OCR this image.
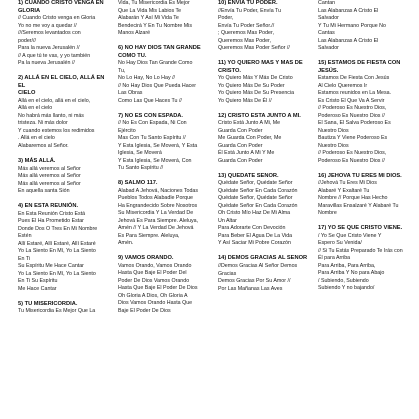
1) CUANDO CRISTO VENGA EN
GLORIA
// Cuando Cristo venga en Gloria
Yo no me voy a quedar //
///Seremos levantados con
poder///
Para la nueva Jerusalén //
// A que tú te vas, y yo también
Pa la nueva Jerusalén //
2) ALLÁ EN EL CIELO, ALLÁ EN EL
CIELO
Allá en el cielo, allá en el cielo,
Allá en el cielo
No habrá más llanto, ni más
tristeza. Ni más dolor
Y cuando estemos los redimidos
. Allá en el cielo
Alabaremos al Señor.
3) MÁS ALLÁ.
Más allá veremos al Señor
Más allá veremos al Señor
Más allá veremos al Señor
En aquella santa Sión
4) EN ESTA REUNIÓN.
En Esta Reunión Cristo Está
Pues El Ha Prometido Estar
Donde Dos O Tres En Mi Nombre
Estén
Allí Estaré, Allí Estaré, Allí Estaré
Yo La Siento En Mí, Yo La Siento
En Ti
Su Espíritu Me Hace Cantar
Yo La Siento En Mí, Yo La Siento
En Ti Su Espíritu
Me Hace Cantar
5) TU MISERICORDIA.
Tu Misericordia Es Mejor Que La
Vida, Tu Misericordia Es Mejor
Que La Vida Mis Labios Te
Alabarán Y Así Mi Vida Te
Bendecirá Y En Tu Nombre Mis
Manos Alzaré
6) NO HAY DIOS TAN GRANDE
COMO TU.
No Hay Dios Tan Grande Como
Tu,
No Lo Hay, No Lo Hay //
// No Hay Dios Que Pueda Hacer
Las Obras
Como Las Que Haces Tu //
7) NO ES CON ESPADA.
// No Es Con Espada, Ni Con
Ejército
Mas Con Tu Santo Espíritu //
Y Esta Iglesia, Se Moverá, Y Esta
Iglesia, Se Moverá
Y Esta Iglesia, Se Moverá, Con
Tu Santo Espíritu //
8) SALMO 117.
Alabad A Jehová, Naciones Todas
Pueblos Todos Alabadle Porque
Ha Engrandecido Sobre Nosotros
Su Misericordia Y La Verdad De
Jehová Es Para Siempre. Aleluya,
Amén // Y La Verdad De Jehová
Es Para Siempre. Aleluya,
Amén.
9) VAMOS ORANDO.
Vamos Orando, Vamos Orando
Hasta Que Baje El Poder Del
Poder De Dios Vamos Orando
Hasta Que Baje El Poder De Dios
Oh Gloria A Dios, Oh Gloria A
Dios Vamos Orando Hasta Que
Baje El Poder De Dios
10) ENVIA TU PODER.
//Envía Tu Poder, Envía Tu
Poder,
Envía Tu Poder Señor.//
; Queremos Mas Poder,
Queremos Mas Poder,
Queremos Mas Poder Señor //
11) YO QUIERO MAS Y MAS DE
CRISTO.
Yo Quiero Más Y Más De Cristo
Yo Quiero Más De Su Poder
Yo Quiero Más De Su Presencia
Yo Quiero Más De Él //
12) CRISTO ESTA JUNTO A MI.
Cristo Está Junto A Mi, Me
Guarda Con Poder
Me Guarda Con Poder, Me
Guarda Con Poder
Él Está Junto A Mi Y Me
Guarda Con Poder
13) QUEDATE SENOR.
Quédate Señor, Quédate Señor
Quédate Señor En Cada Corazón
Quédate Señor, Quédate Señor
Quédate Señor En Cada Corazón
Oh Cristo Mío Haz De Mi Alma
Un Altar
Para Adorarte Con Devoción
Para Beber El Agua De La Vida
Y Así Saciar Mi Pobre Corazón
14) DEMOS GRACIAS AL SENOR
//Demos Gracias Al Señor Demos
Gracias
Demos Gracias Por Su Amor //
Por Las Mañanas Las Aves
Cantan
Las Alabanzas A Cristo El
Salvador
Y Tu Mi Hermano Porque No
Cantas
Las Alabanzas A Cristo El
Salvador
15) ESTAMOS DE FIESTA CON
JESÚS.
Estamos De Fiesta Con Jesús
Al Cielo Queremos Ir
Estamos reunidos en La Mesa.
Es Cristo El Que Va A Servir
// Poderoso Es Nuestro Dios,
Poderoso Es Nuestro Dios //
El Sana, El Salva Poderoso Es
Nuestro Dios
Bautiza Y Viene Poderoso Es
Nuestro Dios
// Poderoso Es Nuestro Dios,
Poderoso Es Nuestro Dios //
16) JEHOVA TU ERES MI DIOS.
//Jehová Tu Eres Mi Dios
Alabaré Y Exaltaré Tu
Nombre // Porque Has Hecho
Maravillas Ensalzaré Y Alabaré Tu
Nombre
17) YO SE QUE CRISTO VIENE.
/ Yo Se Que Cristo Viene Y
Espero Su Venida/
// Si Tu Estás Preparado Te Irás con
Él para Arriba
Para Arriba, Para Arriba,
Para Arriba Y No para Abajo
/ Subiendo, Subiendo
Subiendo Y no bajando/
